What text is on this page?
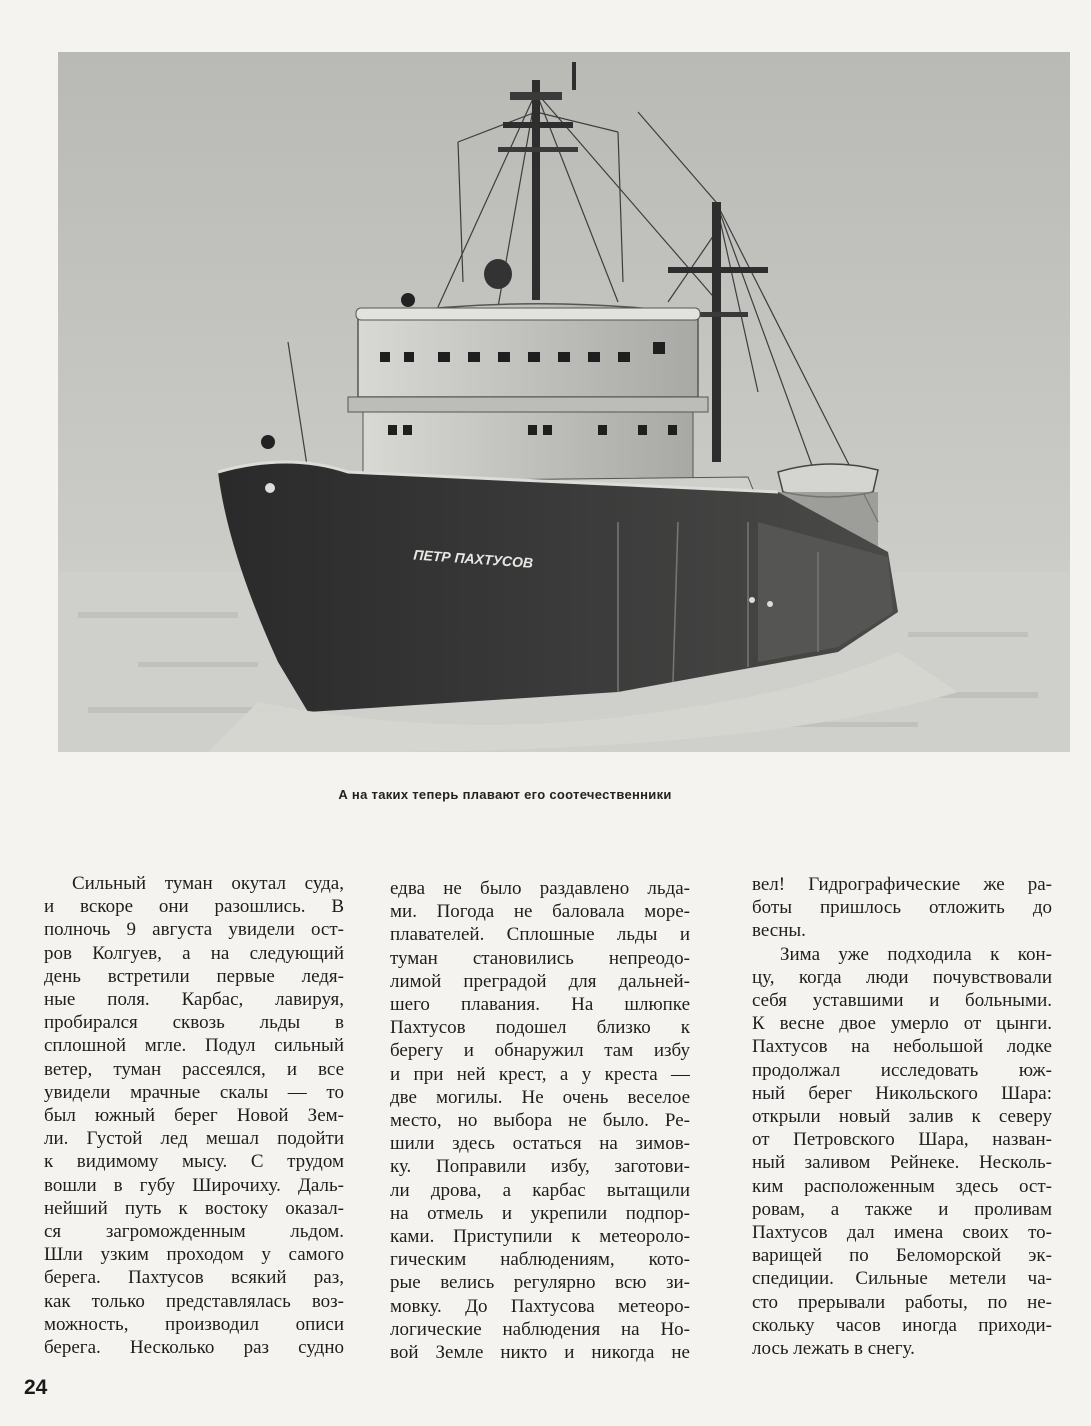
ПЕТР ПАХТУСОВ
А на таких теперь плавают его соотечественники

Сильный туман окутал суда,

и вскоре они разошлись. В

полночь 9 августа увидели ост-

ров Колгуев, а на следующий

день встретили первые ледя-

ные поля. Карбас, лавируя,

пробирался сквозь льды в

сплошной мгле. Подул сильный

ветер, туман рассеялся, и все

увидели мрачные скалы — то

был южный берег Новой Зем-

ли. Густой лед мешал подойти

к видимому мысу. С трудом

вошли в губу Широчиху. Даль-

нейший путь к востоку оказал-

ся загроможденным льдом.

Шли узким проходом у самого

берега. Пахтусов всякий раз,

как только представлялась воз-

можность, производил описи

берега. Несколько раз судно

едва не было раздавлено льда-

ми. Погода не баловала море-

плавателей. Сплошные льды и

туман становились непреодо-

лимой преградой для дальней-

шего плавания. На шлюпке

Пахтусов подошел близко к

берегу и обнаружил там избу

и при ней крест, а у креста —

две могилы. Не очень веселое

место, но выбора не было. Ре-

шили здесь остаться на зимов-

ку. Поправили избу, заготови-

ли дрова, а карбас вытащили

на отмель и укрепили подпор-

ками. Приступили к метеороло-

гическим наблюдениям, кото-

рые велись регулярно всю зи-

мовку. До Пахтусова метеоро-

логические наблюдения на Но-

вой Земле никто и никогда не

вел! Гидрографические же ра-

боты пришлось отложить до

весны.

Зима уже подходила к кон-

цу, когда люди почувствовали

себя уставшими и больными.

К весне двое умерло от цынги.

Пахтусов на небольшой лодке

продолжал исследовать юж-

ный берег Никольского Шара:

открыли новый залив к северу

от Петровского Шара, назван-

ный заливом Рейнеке. Несколь-

ким расположенным здесь ост-

ровам, а также и проливам

Пахтусов дал имена своих то-

варищей по Беломорской эк-

спедиции. Сильные метели ча-

сто прерывали работы, по не-

скольку часов иногда приходи-

лось лежать в снегу.

24
